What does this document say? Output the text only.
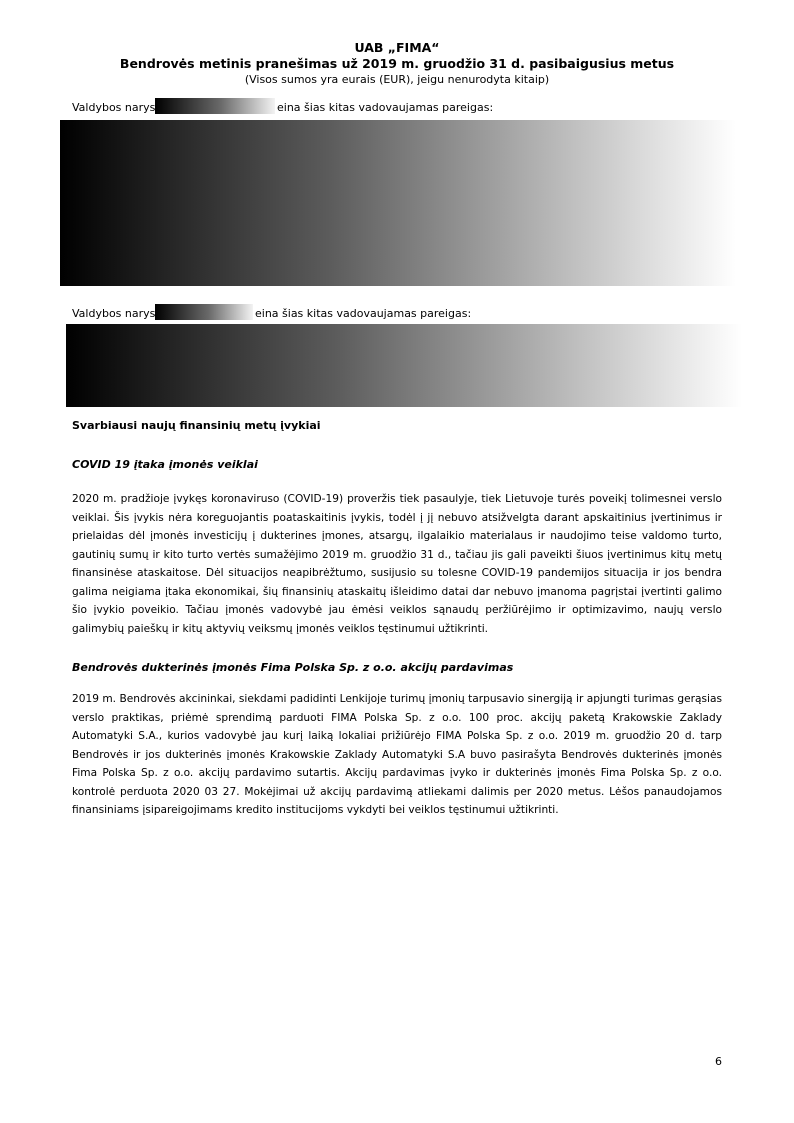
UAB „FIMA“
Bendrovės metinis pranešimas už 2019 m. gruodžio 31 d. pasibaigusius metus
(Visos sumos yra eurais (EUR), jeigu nenurodyta kitaip)
Valdybos narys	eina šias kitas vadovaujamas pareigas:
Valdybos narys	eina šias kitas vadovaujamas pareigas:
Svarbiausi naujų finansinių metų įvykiai
COVID 19 įtaka įmonės veiklai
2020 m. pradžioje įvykęs koronaviruso (COVID-19) proveržis tiek pasaulyje, tiek Lietuvoje turės poveikį tolimesnei verslo veiklai. Šis įvykis nėra koreguojantis poataskaitinis įvykis, todėl į jį nebuvo atsižvelgta darant apskaitinius įvertinimus ir prielaidas dėl įmonės investicijų į dukterines įmones, atsargų, ilgalaikio materialaus ir naudojimo teise valdomo turto, gautinių sumų ir kito turto vertės sumažėjimo 2019 m. gruodžio 31 d., tačiau jis gali paveikti šiuos įvertinimus kitų metų finansinėse ataskaitose. Dėl situacijos neapibrėžtumo, susijusio su tolesne COVID-19 pandemijos situacija ir jos bendra galima neigiama įtaka ekonomikai, šių finansinių ataskaitų išleidimo datai dar nebuvo įmanoma pagrįstai įvertinti galimo šio įvykio poveikio. Tačiau įmonės vadovybė jau ėmėsi veiklos sąnaudų peržiūrėjimo ir optimizavimo, naujų verslo galimybių paieškų ir kitų aktyvių veiksmų įmonės veiklos tęstinumui užtikrinti.
Bendrovės dukterinės įmonės Fima Polska Sp. z o.o. akcijų pardavimas
2019 m. Bendrovės akcininkai, siekdami padidinti Lenkijoje turimų įmonių tarpusavio sinergiją ir apjungti turimas gerąsias verslo praktikas, priėmė sprendimą parduoti FIMA Polska Sp. z o.o. 100 proc. akcijų paketą Krakowskie Zaklady Automatyki S.A., kurios vadovybė jau kurį laiką lokaliai prižiūrėjo FIMA Polska Sp. z o.o. 2019 m. gruodžio 20 d. tarp Bendrovės ir jos dukterinės įmonės Krakowskie Zaklady Automatyki S.A buvo pasirašyta Bendrovės dukterinės įmonės Fima Polska Sp. z o.o. akcijų pardavimo sutartis. Akcijų pardavimas įvyko ir dukterinės įmonės Fima Polska Sp. z o.o. kontrolė perduota 2020 03 27. Mokėjimai už akcijų pardavimą atliekami dalimis per 2020 metus. Lėšos panaudojamos finansiniams įsipareigojimams kredito institucijoms vykdyti bei veiklos tęstinumui užtikrinti.
6
